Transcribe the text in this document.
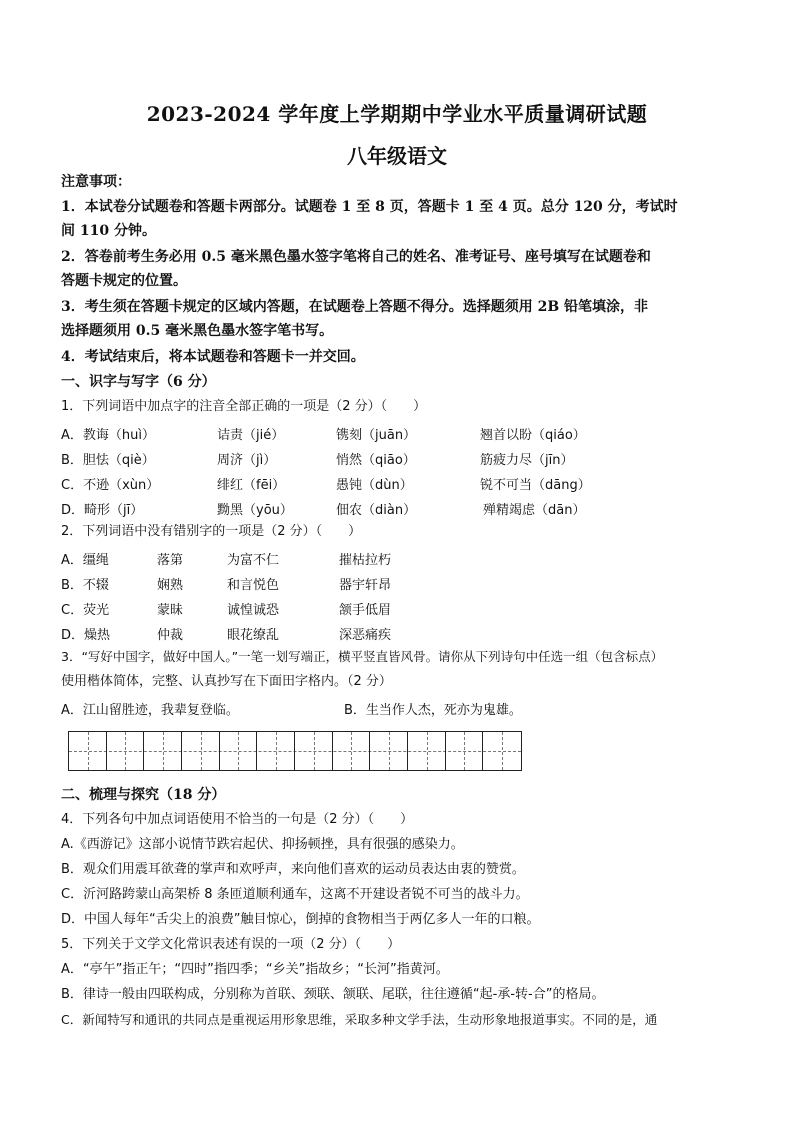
2023-2024 学年度上学期期中学业水平质量调研试题
八年级语文
注意事项：
1．本试卷分试题卷和答题卡两部分。试题卷 1 至 8 页，答题卡 1 至 4 页。总分 120 分，考试时
间 110 分钟。
2．答卷前考生务必用 0.5 毫米黑色墨水签字笔将自己的姓名、准考证号、座号填写在试题卷和
答题卡规定的位置。
3．考生须在答题卡规定的区域内答题，在试题卷上答题不得分。选择题须用 2B 铅笔填涂，非
选择题须用 0.5 毫米黑色墨水签字笔书写。
4．考试结束后，将本试题卷和答题卡一并交回。
一、识字与写字（6 分）
1．下列词语中加点字的注音全部正确的一项是（2 分）（　　）
A．教诲（huì）	诘责（jié）	镌刻（juān）	翘首以盼（qiáo）
B．胆怯（qiè）	周济（jì）	悄然（qiāo）	筋疲力尽（jīn）
C．不逊（xùn）	绯红（fēi）	愚钝（dùn）	锐不可当（dāng）
D．畸形（jī）	黝黑（yōu）	佃农（diàn）	殚精竭虑（dān）
2．下列词语中没有错别字的一项是（2 分）（　　）
A．缰绳	落第	为富不仁	摧枯拉朽
B．不辍	娴熟	和言悦色	器宇轩昂
C．荧光	蒙昧	诚惶诚恐	颔手低眉
D．燥热	仲裁	眼花缭乱	深恶痛疾
3．“写好中国字，做好中国人。”一笔一划写端正，横平竖直皆风骨。请你从下列诗句中任选一组（包含标点）
使用楷体简体，完整、认真抄写在下面田字格内。（2 分）
A．江山留胜迹，我辈复登临。	B．生当作人杰，死亦为鬼雄。
二、梳理与探究（18 分）
4．下列各句中加点词语使用不恰当的一句是（2 分）（　　）
A.《西游记》这部小说情节跌宕起伏、抑扬顿挫，具有很强的感染力。
B．观众们用震耳欲聋的掌声和欢呼声，来向他们喜欢的运动员表达由衷的赞赏。
C．沂河路跨蒙山高架桥 8 条匝道顺利通车，这离不开建设者锐不可当的战斗力。
D．中国人每年“舌尖上的浪费”触目惊心，倒掉的食物相当于两亿多人一年的口粮。
5．下列关于文学文化常识表述有误的一项（2 分）（　　）
A．“亭午”指正午；“四时”指四季；“乡关”指故乡；“长河”指黄河。
B．律诗一般由四联构成，分别称为首联、颈联、颔联、尾联，往往遵循“起-承-转-合”的格局。
C．新闻特写和通讯的共同点是重视运用形象思维，采取多种文学手法，生动形象地报道事实。不同的是，通
